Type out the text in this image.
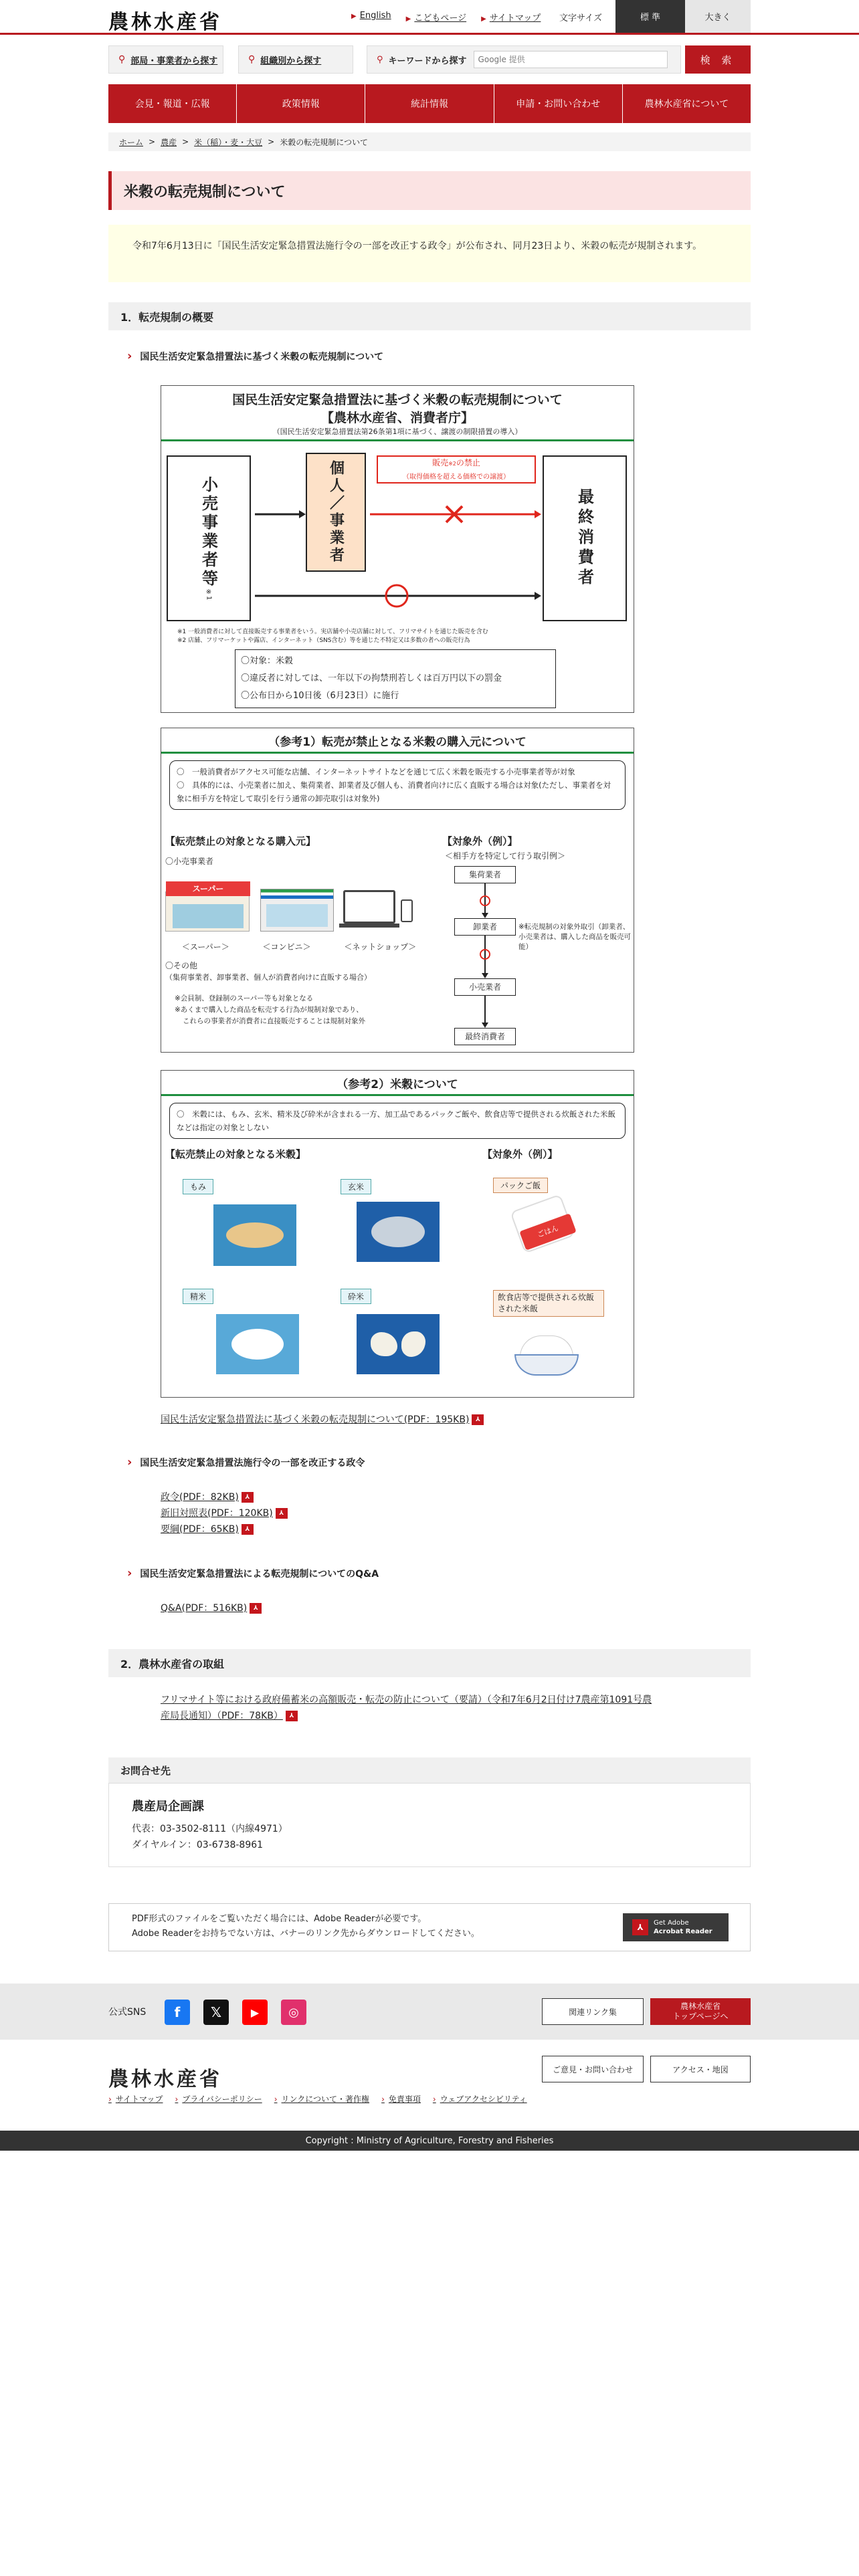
農林水産省	▶ English ▶ こどもページ ▶ サイトマップ 文字サイズ	標 準	大きく
⚲ 部局・事業者から探す	⚲ 組織別から探す	⚲ キーワードから探す
Google 提供	検 索
会見・報道・広報	政策情報	統計情報	申請・お問い合わせ	農林水産省について
ホーム > 農産 > 米（稲）・麦・大豆 > 米穀の転売規制について
米穀の転売規制について
令和7年6月13日に「国民生活安定緊急措置法施行令の一部を改正する政令」が公布され、同月23日より、米穀の転売が規制されます。
1．転売規制の概要
› 国民生活安定緊急措置法に基づく米穀の転売規制について
国民生活安定緊急措置法に基づく米穀の転売規制について
【農林水産省、消費者庁】
（国民生活安定緊急措置法第26条第1項に基づく、譲渡の制限措置の導入）
小売事業者等
※1
個人／事業者	最終消費者
販売※2の禁止
（取得価格を超える価格での譲渡）
※1 一般消費者に対して直接販売する事業者をいう。実店舗や小売店舗に対して、フリマサイトを通じた販売を含む
※2 店舗、フリマーケットや露店、インターネット（SNS含む）等を通じた不特定又は多数の者への販売行為
〇対象：米穀
〇違反者に対しては、一年以下の拘禁刑若しくは百万円以下の罰金
〇公布日から10日後（6月23日）に施行
（参考1）転売が禁止となる米穀の購入元について
〇　一般消費者がアクセス可能な店舗、インターネットサイトなどを通じて広く米穀を販売する小売事業者等が対象
〇　具体的には、小売業者に加え、集荷業者、卸業者及び個人も、消費者向けに広く直販する場合は対象(ただし、事業者を対象に相手方を特定して取引を行う通常の卸売取引は対象外)
【転売禁止の対象となる購入元】	【対象外（例）】
〇小売事業者
スーパー
＜スーパー＞	＜コンビニ＞	＜ネットショップ＞
〇その他
（集荷事業者、卸事業者、個人が消費者向けに直販する場合）
※会員制、登録制のスーパー等も対象となる
※あくまで購入した商品を転売する行為が規制対象であり、
これらの事業者が消費者に直接販売することは規制対象外
＜相手方を特定して行う取引例＞
集荷業者
卸業者
小売業者
最終消費者
※転売規制の対象外取引（卸業者、小売業者は、購入した商品を販売可能）
（参考2）米穀について
〇　米穀には、もみ、玄米、精米及び砕米が含まれる一方、加工品であるパックご飯や、飲食店等で提供される炊飯された米飯などは指定の対象としない
【転売禁止の対象となる米穀】	【対象外（例）】
もみ	玄米
精米	砕米
パックご飯
ごはん
飲食店等で提供される炊飯された米飯
国民生活安定緊急措置法に基づく米穀の転売規制について(PDF：195KB) ⅄
› 国民生活安定緊急措置法施行令の一部を改正する政令
政令(PDF：82KB) ⅄
新旧対照表(PDF：120KB) ⅄
要綱(PDF：65KB) ⅄
› 国民生活安定緊急措置法による転売規制についてのQ&A
Q&A(PDF：516KB) ⅄
2．農林水産省の取組
フリマサイト等における政府備蓄米の高額販売・転売の防止について（要請）（令和7年6月2日付け7農産第1091号農
産局長通知）（PDF：78KB） ⅄
お問合せ先
農産局企画課
代表：03-3502-8111（内線4971）
ダイヤルイン：03-6738-8961
PDF形式のファイルをご覧いただく場合には、Adobe Readerが必要です。
Adobe Readerをお持ちでない方は、バナーのリンク先からダウンロードしてください。
⅄	Get Adobe
Acrobat Reader
公式SNS	f	𝕏	▶	◎	関連リンク集
農林水産省
トップページへ
農林水産省	ご意見・お問い合わせ	アクセス・地図
› サイトマップ	› プライバシーポリシー	› リンクについて・著作権	› 免責事項	› ウェブアクセシビリティ
Copyright : Ministry of Agriculture, Forestry and Fisheries
